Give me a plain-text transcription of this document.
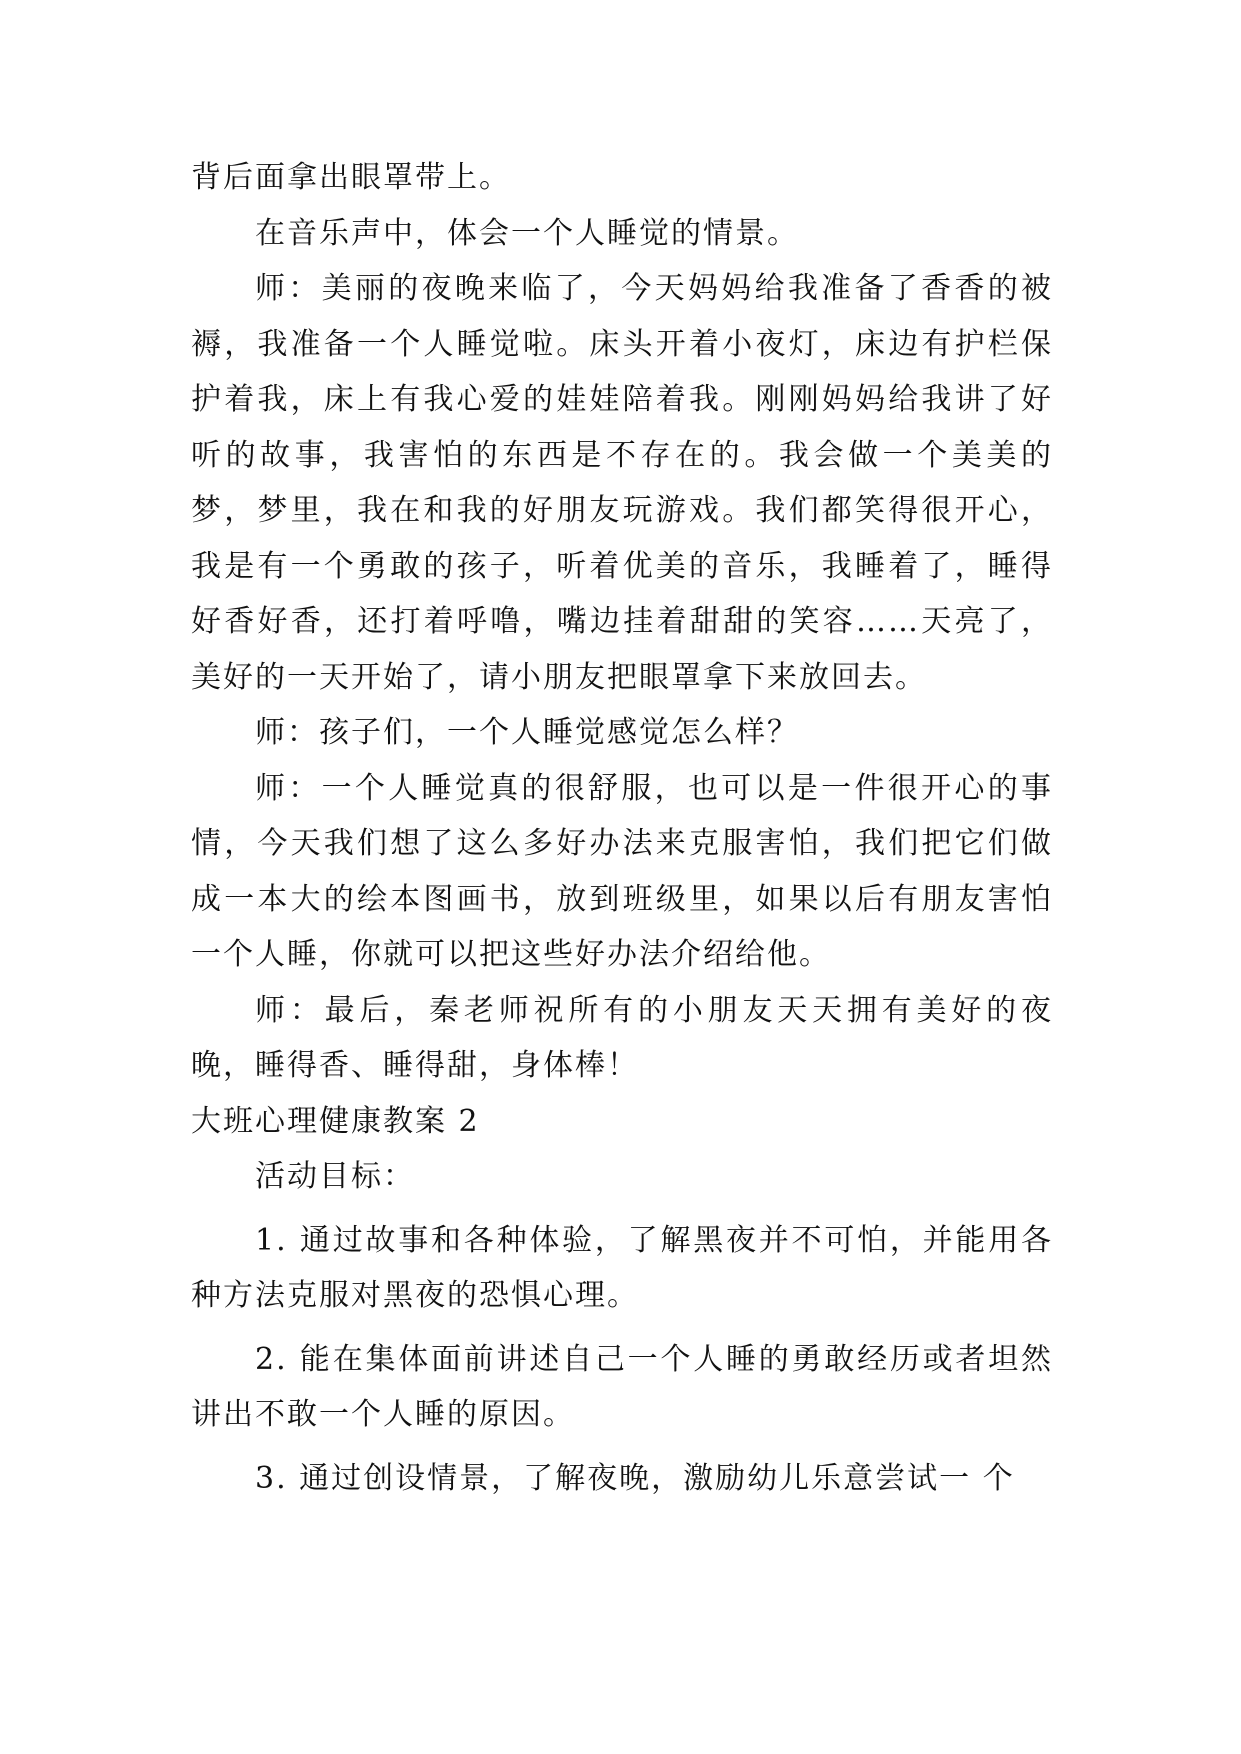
背后面拿出眼罩带上。

在音乐声中，体会一个人睡觉的情景。

师：美丽的夜晚来临了，今天妈妈给我准备了香香的被褥，我准备一个人睡觉啦。床头开着小夜灯，床边有护栏保护着我，床上有我心爱的娃娃陪着我。刚刚妈妈给我讲了好听的故事，我害怕的东西是不存在的。我会做一个美美的梦，梦里，我在和我的好朋友玩游戏。我们都笑得很开心，我是有一个勇敢的孩子，听着优美的音乐，我睡着了，睡得好香好香，还打着呼噜，嘴边挂着甜甜的笑容……天亮了，美好的一天开始了，请小朋友把眼罩拿下来放回去。

师：孩子们，一个人睡觉感觉怎么样？

师：一个人睡觉真的很舒服，也可以是一件很开心的事情，今天我们想了这么多好办法来克服害怕，我们把它们做成一本大的绘本图画书，放到班级里，如果以后有朋友害怕一个人睡，你就可以把这些好办法介绍给他。

师：最后，秦老师祝所有的小朋友天天拥有美好的夜晚，睡得香、睡得甜，身体棒！

大班心理健康教案 2

活动目标：

1. 通过故事和各种体验，了解黑夜并不可怕，并能用各种方法克服对黑夜的恐惧心理。

2. 能在集体面前讲述自己一个人睡的勇敢经历或者坦然讲出不敢一个人睡的原因。

3. 通过创设情景，了解夜晚，激励幼儿乐意尝试一 个
